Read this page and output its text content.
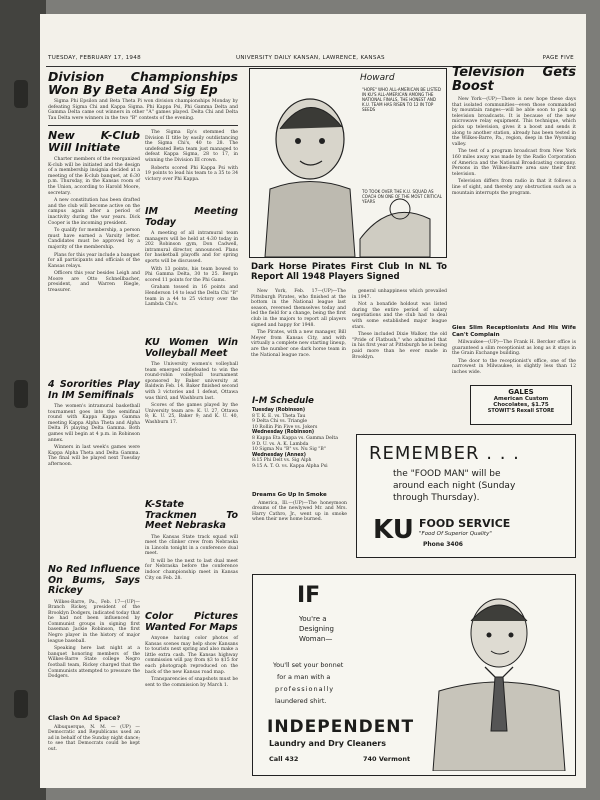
TUESDAY, FEBRUARY 17, 1948	UNIVERSITY DAILY KANSAN, LAWRENCE, KANSAS	PAGE FIVE
Division Championships Won By Beta And Sig Ep

Sigma Phi Epsilon and Beta Theta Pi won division championships Monday by defeating Sigma Chi and Kappa Sigma. Phi Kappa Psi, Phi Gamma Delta and Gamma Delta came out winners in other "A" games played. Delta Chi and Delta Tau Delta were winners in the two "B" contests of the evening.

New K-Club Will Initiate

Charter members of the reorganized K-club will be initiated and the design of a membership insignia decided at a meeting of the K-club banquet, at 6:30 p.m. Thursday, in the Kansas room of the Union, according to Harold Moore, secretary.

A new constitution has been drafted and the club will become active on the campus again after a period of inactivity during the war years. Dick Cooper is the incoming president.

To qualify for membership, a person must have earned a Varsity letter. Candidates must be approved by a majority of the membership.

Plans for this year include a banquet for all participants and officials of the Kansas relays.

Officers this year besides Leigh and Moore are Otto Schnellbacher, president, and Warren Riegle, treasurer.

4 Sororities Play In IM Semifinals

The women's intramural basketball tournament goes into the semifinal round with Kappa Kappa Gamma meeting Kappa Alpha Theta and Alpha Delta Pi playing Delta Gamma. Both games will begin at 4 p.m. in Robinson annex.

Winners in last week's games were Kappa Alpha Theta and Delta Gamma. The final will be played next Tuesday afternoon.

No Red Influence On Bums, Says Rickey

Wilkes-Barre, Pa., Feb. 17—(UP)—Branch Rickey, president of the Brooklyn Dodgers, indicated today that he had not been influenced by Communist groups in signing first baseman Jackie Robinson, the first Negro player in the history of major league baseball.

Speaking here last night at a banquet honoring members of the Wilkes-Barre State college Negro football team, Rickey charged that the Communists attempted to pressure the Dodgers.

Clash On Ad Space?

Albuquerque, N. M. — (UP) — Democratic and Republicans used an ad in behalf of the Sunday night dance; to see that Democrats could be kept out.

The Sigma Ep's stemmed the Division II title by easily outdistancing the Sigma Chi's, 40 to 28. The undefeated Beta team just managed to defeat Kappa Sigma, 28 to 17, in winning the Division III crown.

Roberts scored Phi Kappa Psi with 19 points to lead his team to a 35 to 34 victory over Phi Kappa.

IM Meeting Today

A meeting of all intramural team managers will be held at 4:30 today in 202 Robinson gym, Don Cadwell, intramural director, announced. Plans for basketball playoffs and for spring sports will be discussed.

With 13 points, his team bowed to Phi Gamma Delta, 30 to 25. Bergin scored 11 points for the Phi Gams.

Graham tossed in 16 points and Henderson 14 to lead the Delta Chi "B" team in a 44 to 25 victory over the Lambda Chi's.

KU Women Win Volleyball Meet

The University women's volleyball team emerged undefeated to win the round-robin volleyball tournament sponsored by Baker university at Baldwin Feb. 14. Baker finished second with 3 victories and 1 defeat, Ottawa was third, and Washburn last.

Scores of the games played by the University team are: K. U. 27, Ottawa 8; K. U. 25, Baker 9; and K. U. 40, Washburn 17.

K-State Trackmen To Meet Nebraska

The Kansas State track squad will meet the clinker crew from Nebraska in Lincoln tonight in a conference dual meet.

It will be the next to last dual meet for Nebraska before the conference indoor championship meet in Kansas City on Feb. 28.

Color Pictures Wanted For Maps

Anyone having color photos of Kansas scenes may help show Kansans to tourists next spring and also make a little extra cash. The Kansas highway commission will pay from $3 to $15 for each photograph reproduced on the back of the new Kansas road map.

Transparencies of snapshots must be sent to the commission by March 1.

Howard
"HOPE" WHO ALL-AMERICAN BE LISTED IN KU'S ALL-AMERICAN AMONG THE NATIONAL FINALS, THE HONEST AND K.U. TEAM HAS RISEN TO 12 IN TOP SEEDS
TO TOOK OVER THE K.U. SQUAD AS COACH ON ONE OF THE MOST CRITICAL YEARS
Dark Horse Pirates First Club In NL To Report All 1948 Players Signed

New York, Feb. 17—(UP)—The Pittsburgh Pirates, who finished at the bottom in the National league last season, reversed themselves today and led the field for a change, being the first club in the majors to report all players signed and happy for 1948.

The Pirates, with a new manager, Bill Meyer from Kansas City, and with virtually a complete new starting lineup, are the number one dark horse team in the National league race.

general unhappiness which prevailed in 1947.

Not a bonafide holdout was listed during the entire period of salary negotiations and the club had to deal with some established major league stars.

These included Dixie Walker, the old "Pride of Flatbush," who admitted that in his first year at Pittsburgh he is being paid more than he ever made in Brooklyn.

I-M Schedule
Tuesday (Robinson)
8 T. K. E. vs. Theta Tau
9 Delta Chi vs. Triangle
10 Rollin Pin Five vs. Jokers
Wednesday (Robinson)
8 Kappa Eta Kappa vs. Gamma Delta
9 D. U. vs. A. K. Lambda
10 Sigma Nu "B" vs. Nu Sig "B"
Wednesday (Annex)
8:15 Phi Delt vs. Sig Alph
9:15 A. T. O. vs. Kappa Alpha Psi
Dreams Go Up In Smoke

America, Ill.—(UP)—The honeymoon dreams of the newlywed Mr. and Mrs. Harry Cathro, Jr., went up in smoke when their new home burned.

Television Gets Boost

New York—(UP)—There is new hope these days that isolated communities—even those commanded by mountain ranges—will be able soon to pick up television broadcasts. It is because of the new microwave relay equipment. This technique, which picks up television, gives it a boost and sends it along to another station, already has been tested in the Wilkes-Barre, Pa., region, deep in the Wyoming valley.

The test of a program broadcast from New York 160 miles away was made by the Radio Corporation of America and the National Broadcasting company. Persons in the Wilkes-Barre area saw their first television.

Television differs from radio in that it follows a line of sight, and thereby any obstruction such as a mountain interrupts the program.

Gies Slim Receptionists And His Wife Can't Complain

Milwaukee—(UP)—The Frank H. Bercker office is guaranteed a slim receptionist as long as it stays in the Grain Exchange building.

The door to the receptionist's office, one of the narrowest in Milwaukee, is slightly less than 12 inches wide.

GALES
American Custom
Chocolates, $1.75
STOWIT'S Rexall STORE
REMEMBER . . .
the "FOOD MAN" will be
around each night (Sunday
through Thursday).
KU FOOD SERVICE
"Food Of Superior Quality"
Phone 3406
IF
You're a
Designing
Woman—
You'll set your bonnet
for a man with a
professionally
laundered shirt.
INDEPENDENT
Laundry and Dry Cleaners
Call 432	740 Vermont
